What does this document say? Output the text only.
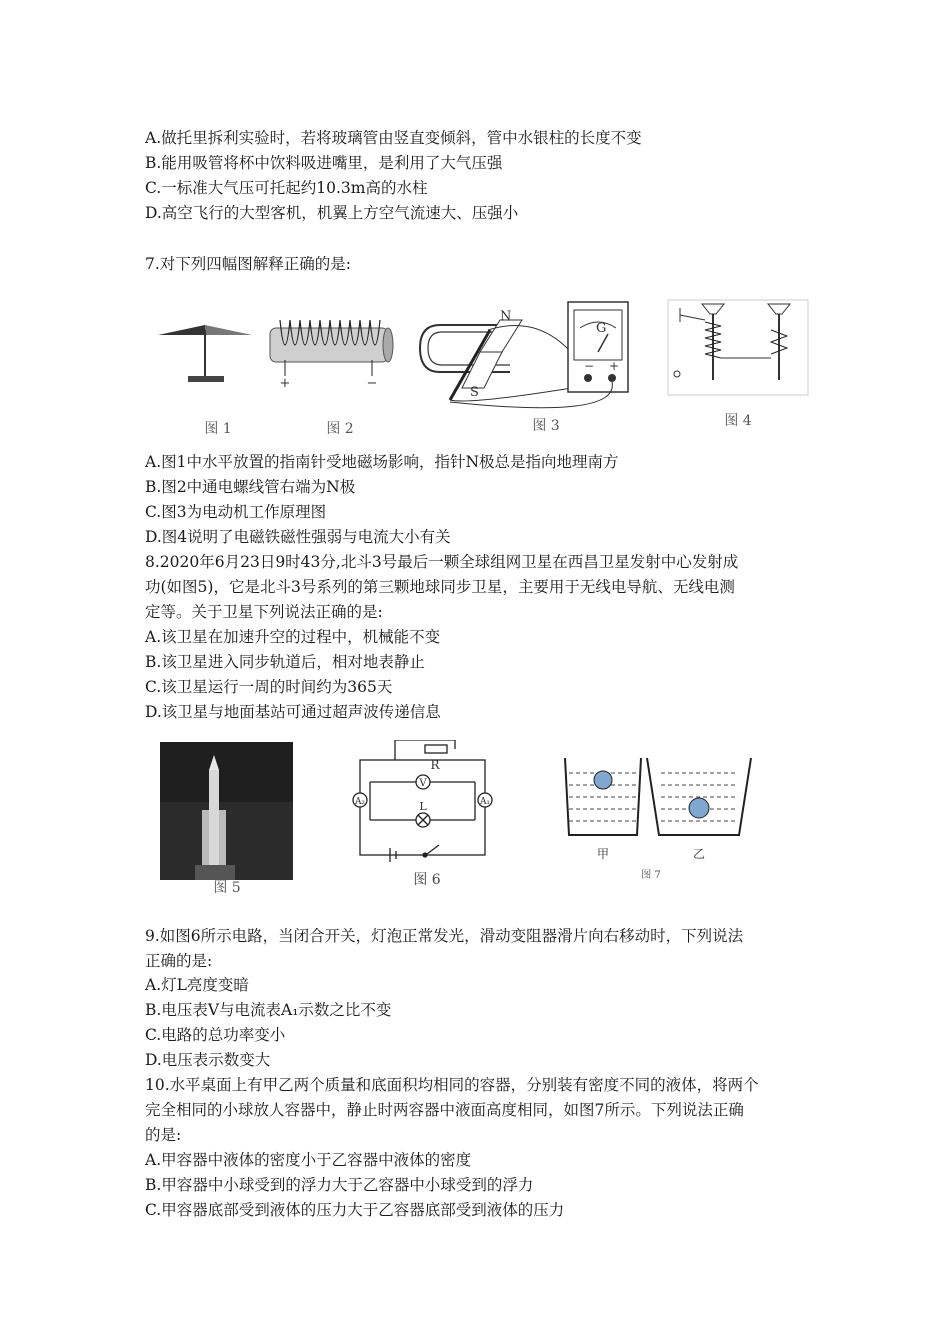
A.做托里拆利实验时，若将玻璃管由竖直变倾斜，管中水银柱的长度不变
B.能用吸管将杯中饮料吸进嘴里，是利用了大气压强
C.一标准大气压可托起约10.3m高的水柱
D.高空飞行的大型客机，机翼上方空气流速大、压强小
7.对下列四幅图解释正确的是:
图 1
+	−
图 2
N
S
G
− +
图 3	图 4
A.图1中水平放置的指南针受地磁场影响，指针N极总是指向地理南方
B.图2中通电螺线管右端为N极
C.图3为电动机工作原理图
D.图4说明了电磁铁磁性强弱与电流大小有关
8.2020年6月23日9时43分,北斗3号最后一颗全球组网卫星在西昌卫星发射中心发射成
功(如图5)，它是北斗3号系列的第三颗地球同步卫星，主要用于无线电导航、无线电测
定等。关于卫星下列说法正确的是:
A.该卫星在加速升空的过程中，机械能不变
B.该卫星进入同步轨道后，相对地表静止
C.该卫星运行一周的时间约为365天
D.该卫星与地面基站可通过超声波传递信息
图 5
R
V
A₂	A₁
L
图 6
甲	乙
图 7
9.如图6所示电路，当闭合开关，灯泡正常发光，滑动变阻器滑片向右移动时，下列说法
正确的是:
A.灯L亮度变暗
B.电压表V与电流表A₁示数之比不变
C.电路的总功率变小
D.电压表示数变大
10.水平桌面上有甲乙两个质量和底面积均相同的容器，分别装有密度不同的液体，将两个
完全相同的小球放人容器中，静止时两容器中液面高度相同，如图7所示。下列说法正确
的是:
A.甲容器中液体的密度小于乙容器中液体的密度
B.甲容器中小球受到的浮力大于乙容器中小球受到的浮力
C.甲容器底部受到液体的压力大于乙容器底部受到液体的压力
